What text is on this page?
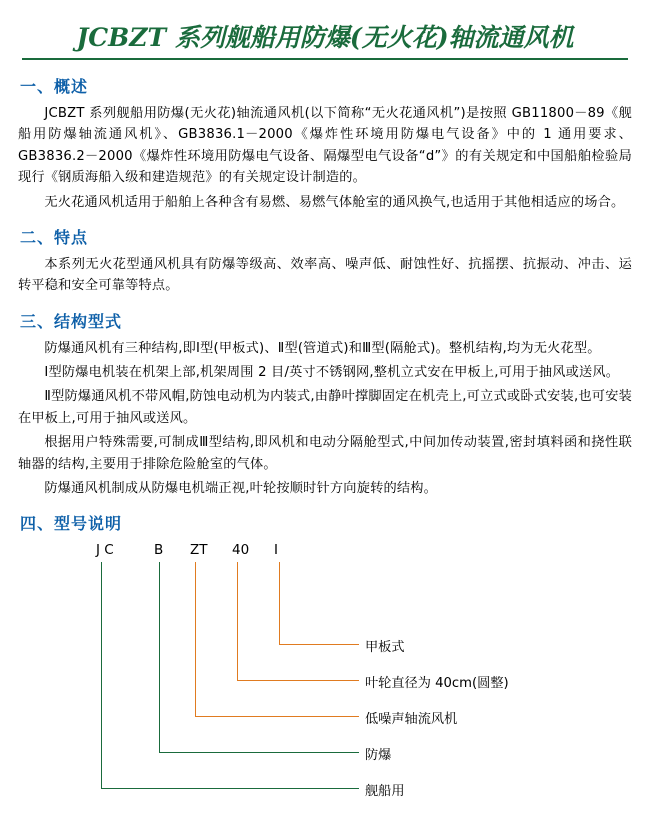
JCBZT 系列舰船用防爆(无火花)轴流通风机
一、概述
JCBZT 系列舰船用防爆(无火花)轴流通风机(以下简称“无火花通风机”)是按照 GB11800－89《舰船用防爆轴流通风机》、GB3836.1－2000《爆炸性环境用防爆电气设备》中的 1 通用要求、GB3836.2－2000《爆炸性环境用防爆电气设备、隔爆型电气设备“d”》的有关规定和中国船舶检验局现行《钢质海船入级和建造规范》的有关规定设计制造的。
无火花通风机适用于船舶上各种含有易燃、易燃气体舱室的通风换气,也适用于其他相适应的场合。
二、特点
本系列无火花型通风机具有防爆等级高、效率高、噪声低、耐蚀性好、抗摇摆、抗振动、冲击、运转平稳和安全可靠等特点。
三、结构型式
防爆通风机有三种结构,即Ⅰ型(甲板式)、Ⅱ型(管道式)和Ⅲ型(隔舱式)。整机结构,均为无火花型。
Ⅰ型防爆电机装在机架上部,机架周围 2 目/英寸不锈钢网,整机立式安在甲板上,可用于抽风或送风。
Ⅱ型防爆通风机不带风帽,防蚀电动机为内装式,由静叶撑脚固定在机壳上,可立式或卧式安装,也可安装在甲板上,可用于抽风或送风。
根据用户特殊需要,可制成Ⅲ型结构,即风机和电动分隔舱型式,中间加传动装置,密封填料函和挠性联轴器的结构,主要用于排除危险舱室的气体。
防爆通风机制成从防爆电机端正视,叶轮按顺时针方向旋转的结构。
四、型号说明
J C	B ZT 40 Ⅰ
甲板式
叶轮直径为 40cm(圆整)
低噪声轴流风机
防爆
舰船用
